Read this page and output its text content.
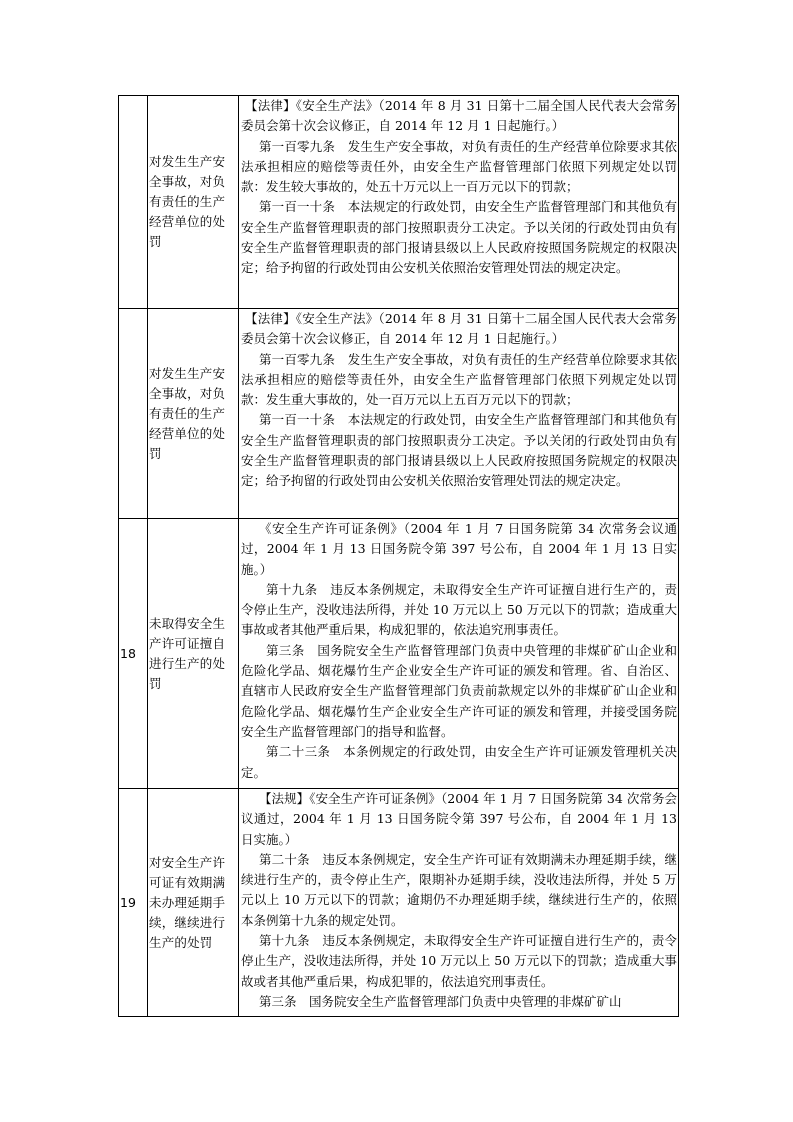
	对发生生产安全事故，对负有责任的生产经营单位的处罚	【法律】《安全生产法》（2014 年 8 月 31 日第十二届全国人民代表大会常务委员会第十次会议修正，自 2014 年 12 月 1 日起施行。）

第一百零九条　发生生产安全事故，对负有责任的生产经营单位除要求其依法承担相应的赔偿等责任外，由安全生产监督管理部门依照下列规定处以罚款：发生较大事故的，处五十万元以上一百万元以下的罚款；

第一百一十条　本法规定的行政处罚，由安全生产监督管理部门和其他负有安全生产监督管理职责的部门按照职责分工决定。予以关闭的行政处罚由负有安全生产监督管理职责的部门报请县级以上人民政府按照国务院规定的权限决定；给予拘留的行政处罚由公安机关依照治安管理处罚法的规定决定。

	对发生生产安全事故，对负有责任的生产经营单位的处罚	【法律】《安全生产法》（2014 年 8 月 31 日第十二届全国人民代表大会常务委员会第十次会议修正，自 2014 年 12 月 1 日起施行。）

第一百零九条　发生生产安全事故，对负有责任的生产经营单位除要求其依法承担相应的赔偿等责任外，由安全生产监督管理部门依照下列规定处以罚款：发生重大事故的，处一百万元以上五百万元以下的罚款；

第一百一十条　本法规定的行政处罚，由安全生产监督管理部门和其他负有安全生产监督管理职责的部门按照职责分工决定。予以关闭的行政处罚由负有安全生产监督管理职责的部门报请县级以上人民政府按照国务院规定的权限决定；给予拘留的行政处罚由公安机关依照治安管理处罚法的规定决定。

18	未取得安全生产许可证擅自进行生产的处罚	《安全生产许可证条例》（2004 年 1 月 7 日国务院第 34 次常务会议通过，2004 年 1 月 13 日国务院令第 397 号公布，自 2004 年 1 月 13 日实施。）

第十九条　违反本条例规定，未取得安全生产许可证擅自进行生产的，责令停止生产，没收违法所得，并处 10 万元以上 50 万元以下的罚款；造成重大事故或者其他严重后果，构成犯罪的，依法追究刑事责任。

第三条　国务院安全生产监督管理部门负责中央管理的非煤矿矿山企业和危险化学品、烟花爆竹生产企业安全生产许可证的颁发和管理。省、自治区、直辖市人民政府安全生产监督管理部门负责前款规定以外的非煤矿矿山企业和危险化学品、烟花爆竹生产企业安全生产许可证的颁发和管理，并接受国务院安全生产监督管理部门的指导和监督。

第二十三条　本条例规定的行政处罚，由安全生产许可证颁发管理机关决定。

19	对安全生产许可证有效期满未办理延期手续，继续进行生产的处罚	【法规】《安全生产许可证条例》（2004 年 1 月 7 日国务院第 34 次常务会议通过，2004 年 1 月 13 日国务院令第 397 号公布，自 2004 年 1 月 13 日实施。）

第二十条　违反本条例规定，安全生产许可证有效期满未办理延期手续，继续进行生产的，责令停止生产，限期补办延期手续，没收违法所得，并处 5 万元以上 10 万元以下的罚款；逾期仍不办理延期手续，继续进行生产的，依照本条例第十九条的规定处罚。

第十九条　违反本条例规定，未取得安全生产许可证擅自进行生产的，责令停止生产，没收违法所得，并处 10 万元以上 50 万元以下的罚款；造成重大事故或者其他严重后果，构成犯罪的，依法追究刑事责任。

第三条　国务院安全生产监督管理部门负责中央管理的非煤矿矿山
